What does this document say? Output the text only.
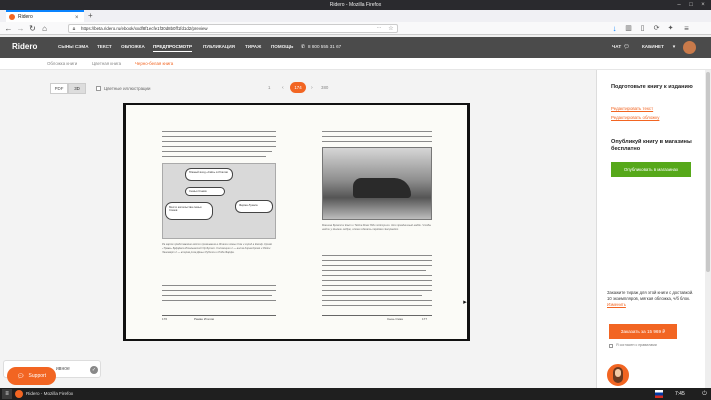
Ridero - Mozilla Firefox	–	□	×
Ridero	× +
← → ↻ ⌂	↓	▥	▯	⟳ ✦ ≡
🔒︎	https://beta.ridero.ru/ebook/xxdf8f1ecfe1f30d8b0ff1fd1d2/preview	··· ☆
Ridero	СЫНЫ СЭМА ТЕКСТ ОБЛОЖКА ПРЕДПРОСМОТР ПУБЛИКАЦИЯ ТИРАЖ ПОМОЩЬ ✆ 8 800 555 31 67	ЧАТ 💬︎	КАБИНЕТ	▾
Обложка книги	Цветная книга	Черно-белая книга
PDF	3D	Цветные иллюстрации	1 ‹	174	› 380
Южный вход «Cafe» в Италии
Семья Сэмов
Место жительства семьи Сэмов
Ферма Лукаса
Ра карте представлено место проживания в Италии семьи Сэм и город в Калиф. Кроме «Трава» Буффало-Итальянский Ор Бусико. Соломщики 1 — вилла дорна Кроме и Рейки Ланкмарт 2 — вторая роза Деньи Рубилон и Роба Фарфа.
176	Раман Италов
Машина Бугатти Кант и Тейта Мовс Юди подслушли. Это праздничный найди. Чтобы найти у Энимии любую, слезно сделать передачи Энтрандос.
Сынь Сэма	177
▸
ивное	✓
💬︎ Support
Подготовьте книгу к изданию
Редактировать текст
Редактировать обложку
Опубликуй книгу в магазины бесплатно
Опубликовать в магазинах
Закажите тираж для этой книги с доставкой. 10 экземпляров, мягкая обложка, ч/б блок. Изменить
Заказать за 15 969 ₽
Я согласен с правилами
≡	Ridero - Mozilla Firefox	7:45	⏻
